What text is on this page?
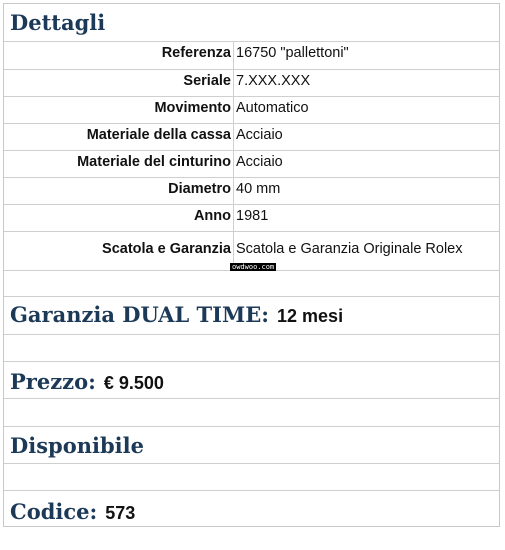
Dettagli
Referenza 16750 "pallettoni"
Seriale 7.XXX.XXX
Movimento Automatico
Materiale della cassa Acciaio
Materiale del cinturino Acciaio
Diametro 40 mm
Anno 1981
Scatola e Garanzia Scatola e Garanzia Originale Rolex
Garanzia DUAL TIME: 12 mesi
Prezzo: € 9.500
Disponibile
Codice: 573
owdwoo.com
